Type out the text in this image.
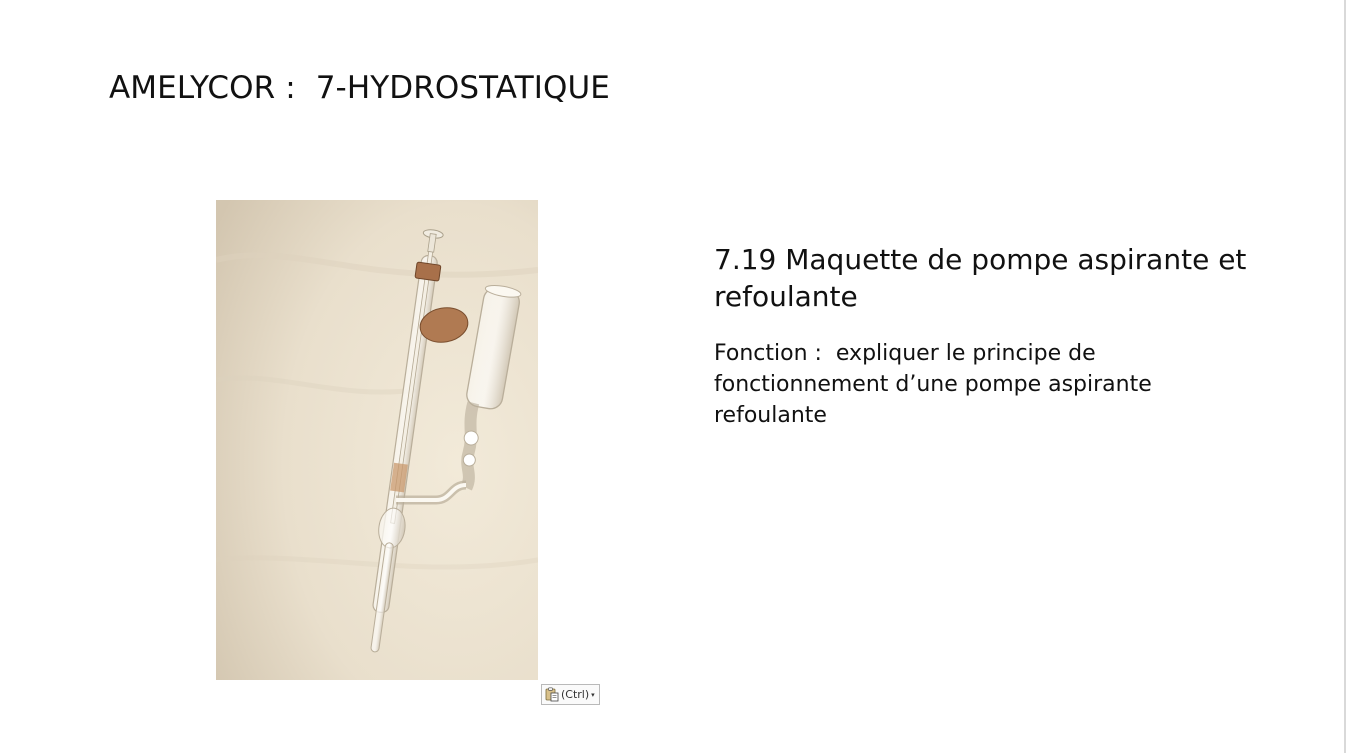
AMELYCOR :  7-HYDROSTATIQUE
7.19 Maquette de pompe aspirante et refoulante
Fonction :  expliquer le principe de
fonctionnement d’une pompe aspirante
refoulante
(Ctrl) ▾
